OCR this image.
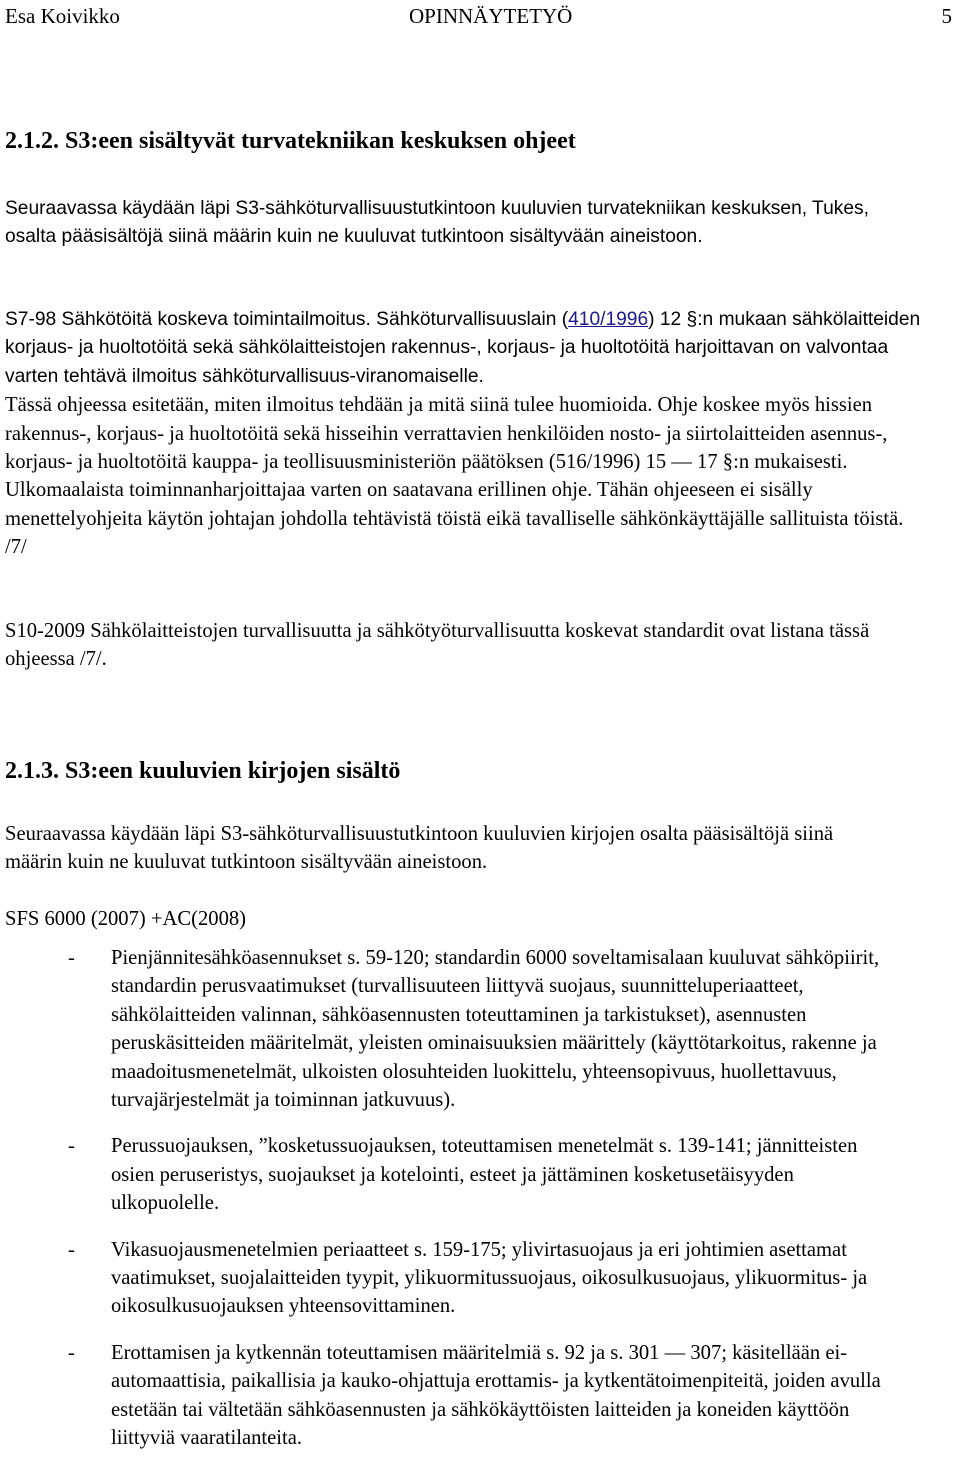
Esa Koivikko	OPINNÄYTETYÖ	5
2.1.2. S3:een sisältyvät turvatekniikan keskuksen ohjeet

Seuraavassa käydään läpi S3-sähköturvallisuustutkintoon kuuluvien turvatekniikan keskuksen, Tukes, osalta pääsisältöjä siinä määrin kuin ne kuuluvat tutkintoon sisältyvään aineistoon.

S7-98 Sähkötöitä koskeva toimintailmoitus. Sähköturvallisuuslain (410/1996) 12 §:n mukaan sähkölaitteiden korjaus- ja huoltotöitä sekä sähkölaitteistojen rakennus-, korjaus- ja huoltotöitä harjoittavan on valvontaa varten tehtävä ilmoitus sähköturvallisuus-viranomaiselle.

Tässä ohjeessa esitetään, miten ilmoitus tehdään ja mitä siinä tulee huomioida. Ohje koskee myös hissien rakennus-, korjaus- ja huoltotöitä sekä hisseihin verrattavien henkilöiden nosto- ja siirtolaitteiden asennus-, korjaus- ja huoltotöitä kauppa- ja teollisuusministeriön päätöksen (516/1996) 15 — 17 §:n mukaisesti. Ulkomaalaista toiminnanharjoittajaa varten on saatavana erillinen ohje. Tähän ohjeeseen ei sisälly menettelyohjeita käytön johtajan johdolla tehtävistä töistä eikä tavalliselle sähkönkäyttäjälle sallituista töistä. /7/

S10-2009 Sähkölaitteistojen turvallisuutta ja sähkötyöturvallisuutta koskevat standardit ovat listana tässä ohjeessa /7/.

2.1.3. S3:een kuuluvien kirjojen sisältö

Seuraavassa käydään läpi S3-sähköturvallisuustutkintoon kuuluvien kirjojen osalta pääsisältöjä siinä määrin kuin ne kuuluvat tutkintoon sisältyvään aineistoon.

SFS 6000 (2007) +AC(2008)

- Pienjännitesähköasennukset s. 59-120; standardin 6000 soveltamisalaan kuuluvat sähköpiirit, standardin perusvaatimukset (turvallisuuteen liittyvä suojaus, suunnitteluperiaatteet, sähkölaitteiden valinnan, sähköasennusten toteuttaminen ja tarkistukset), asennusten peruskäsitteiden määritelmät, yleisten ominaisuuksien määrittely (käyttötarkoitus, rakenne ja maadoitusmenetelmät, ulkoisten olosuhteiden luokittelu, yhteensopivuus, huollettavuus, turvajärjestelmät ja toiminnan jatkuvuus).
- Perussuojauksen, ”kosketussuojauksen, toteuttamisen menetelmät s. 139-141; jännitteisten osien peruseristys, suojaukset ja kotelointi, esteet ja jättäminen kosketusetäisyyden ulkopuolelle.
- Vikasuojausmenetelmien periaatteet s. 159-175; ylivirtasuojaus ja eri johtimien asettamat vaatimukset, suojalaitteiden tyypit, ylikuormitussuojaus, oikosulkusuojaus, ylikuormitus- ja oikosulkusuojauksen yhteensovittaminen.
- Erottamisen ja kytkennän toteuttamisen määritelmiä s. 92 ja s. 301 — 307; käsitellään ei-automaattisia, paikallisia ja kauko-ohjattuja erottamis- ja kytkentätoimenpiteitä, joiden avulla estetään tai vältetään sähköasennusten ja sähkökäyttöisten laitteiden ja koneiden käyttöön liittyviä vaaratilanteita.
